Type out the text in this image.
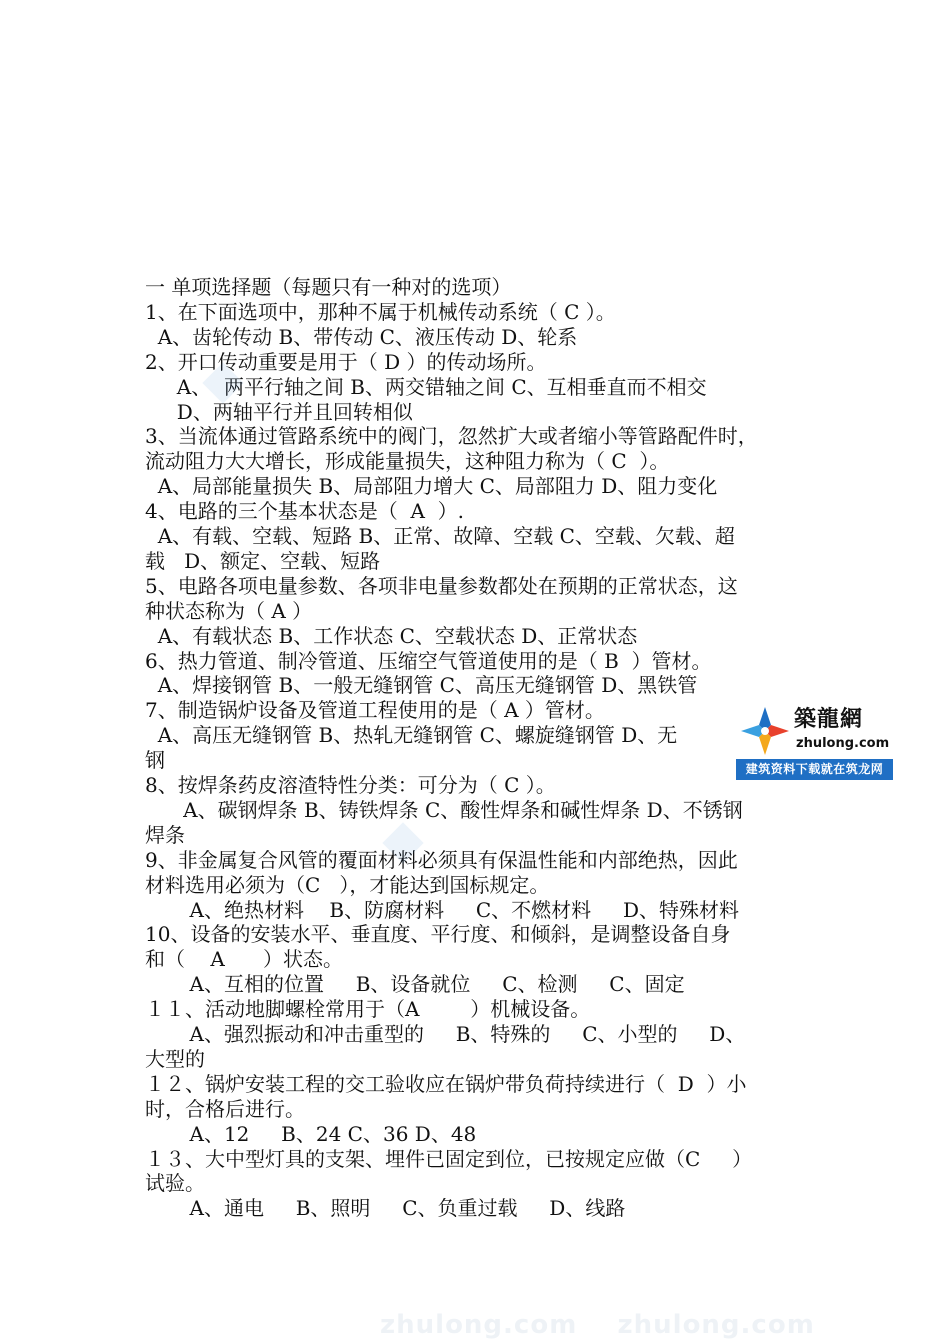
一 单项选择题（每题只有一种对的选项）
1、在下面选项中，那种不属于机械传动系统（ C ）。
A、齿轮传动 B、带传动 C、液压传动 D、轮系
2、开口传动重要是用于（ D ）的传动场所。
A、  两平行轴之间 B、两交错轴之间 C、互相垂直而不相交
D、两轴平行并且回转相似
3、当流体通过管路系统中的阀门，忽然扩大或者缩小等管路配件时，
流动阻力大大增长，形成能量损失，这种阻力称为（ C  ）。
A、局部能量损失 B、局部阻力增大 C、局部阻力 D、阻力变化
4、电路的三个基本状态是（  A  ）.
A、有载、空载、短路 B、正常、故障、空载 C、空载、欠载、超
载   D、额定、空载、短路
5、电路各项电量参数、各项非电量参数都处在预期的正常状态，这
种状态称为（ A ）
A、有载状态 B、工作状态 C、空载状态 D、正常状态
6、热力管道、制冷管道、压缩空气管道使用的是（ B  ）管材。
A、焊接钢管 B、一般无缝钢管 C、高压无缝钢管 D、黑铁管
7、制造锅炉设备及管道工程使用的是（ A ）管材。
A、高压无缝钢管 B、热轧无缝钢管 C、螺旋缝钢管 D、无
钢
8、按焊条药皮溶渣特性分类：可分为（ C ）。
A、碳钢焊条 B、铸铁焊条 C、酸性焊条和碱性焊条 D、不锈钢
焊条
9、非金属复合风管的覆面材料必须具有保温性能和内部绝热，因此
材料选用必须为（C   ），才能达到国标规定。
A、绝热材料    B、防腐材料     C、不燃材料     D、特殊材料
10、设备的安装水平、垂直度、平行度、和倾斜，是调整设备自身
和（    A      ）状态。
A、互相的位置     B、设备就位     C、检测     C、固定
１１、活动地脚螺栓常用于（A        ）机械设备。
A、强烈振动和冲击重型的     B、特殊的     C、小型的     D、
大型的
１２、锅炉安装工程的交工验收应在锅炉带负荷持续进行（  D  ）小
时，合格后进行。
A、12     B、24 C、36 D、48
１３、大中型灯具的支架、埋件已固定到位，已按规定应做（C     ）
试验。
A、通电     B、照明     C、负重过载     D、线路
築龍網
zhulong.com
建筑资料下载就在筑龙网
zhulong.com    zhulong.com
